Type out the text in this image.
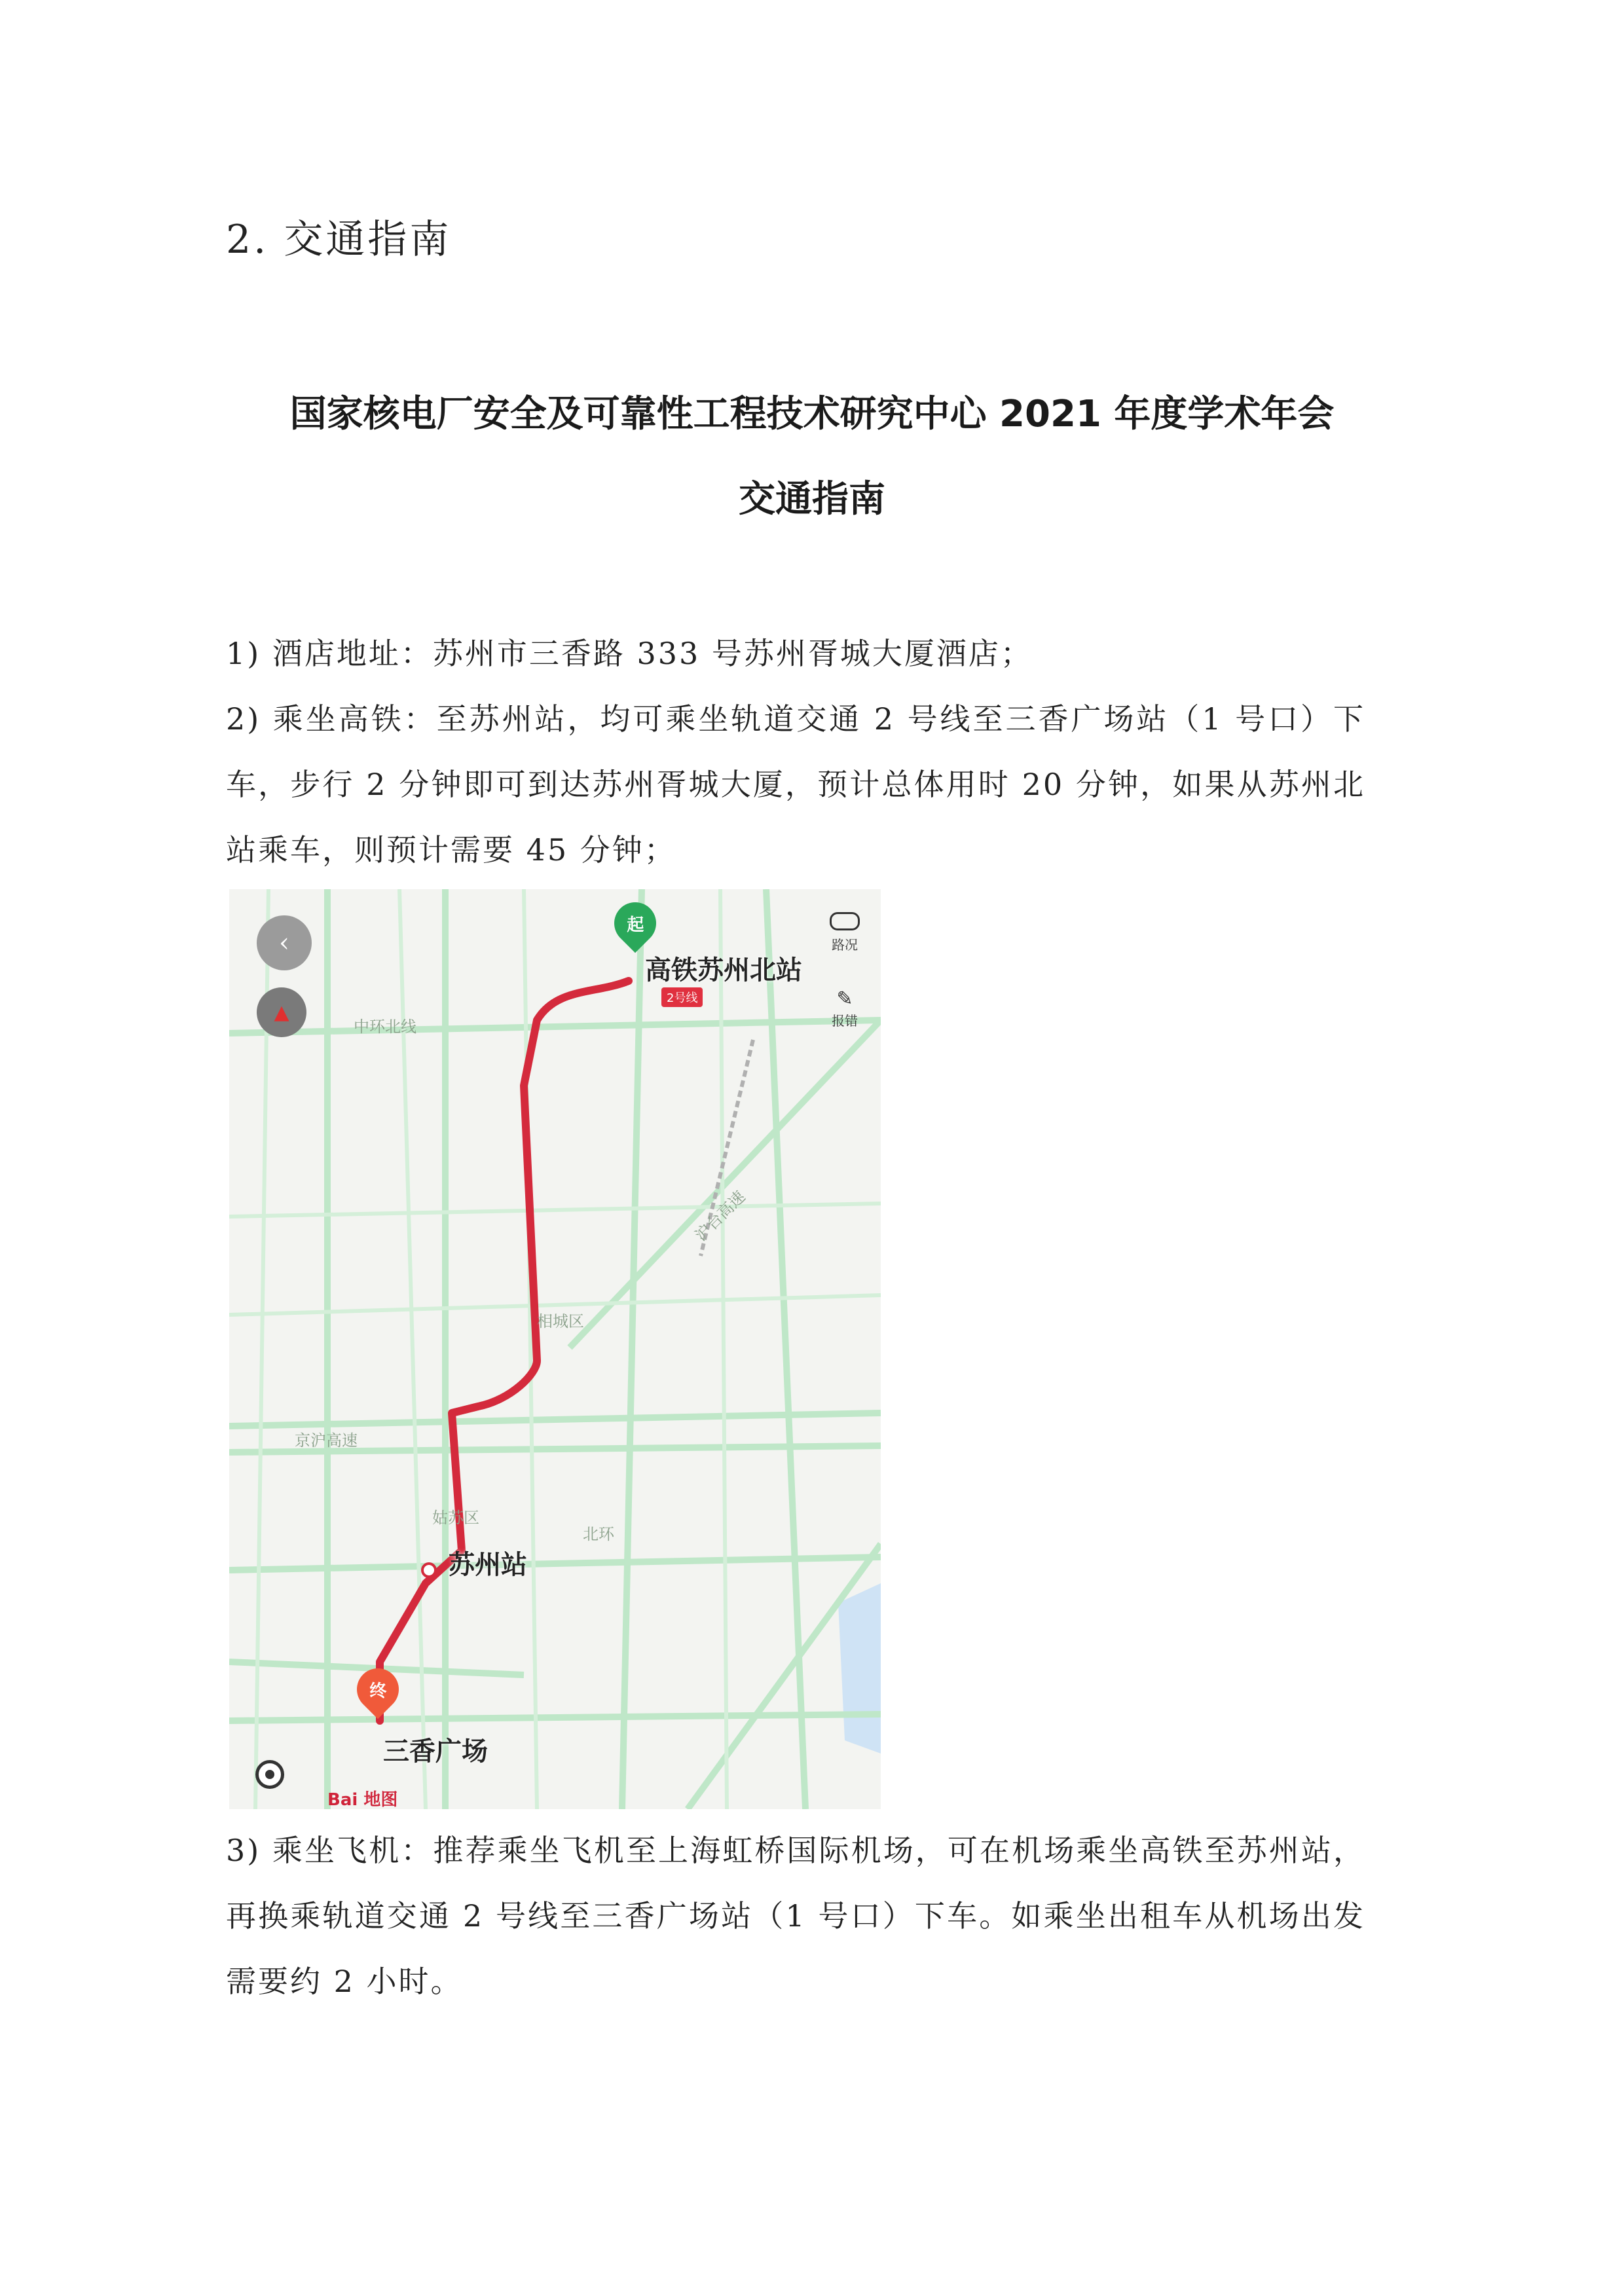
2. 交通指南
国家核电厂安全及可靠性工程技术研究中心 2021 年度学术年会
交通指南

1) 酒店地址：苏州市三香路 333 号苏州胥城大厦酒店；

2) 乘坐高铁：至苏州站，均可乘坐轨道交通 2 号线至三香广场站（1 号口）下车，步行 2 分钟即可到达苏州胥城大厦，预计总体用时 20 分钟，如果从苏州北站乘车，则预计需要 45 分钟；

起
高铁苏州北站
2号线
苏州站
终
三香广场
中环北线
京沪高速
沪台高速
北环
姑苏区
相城区
‹
▲
路况
✎
报错
Bai 地图

3) 乘坐飞机：推荐乘坐飞机至上海虹桥国际机场，可在机场乘坐高铁至苏州站，再换乘轨道交通 2 号线至三香广场站（1 号口）下车。如乘坐出租车从机场出发需要约 2 小时。
